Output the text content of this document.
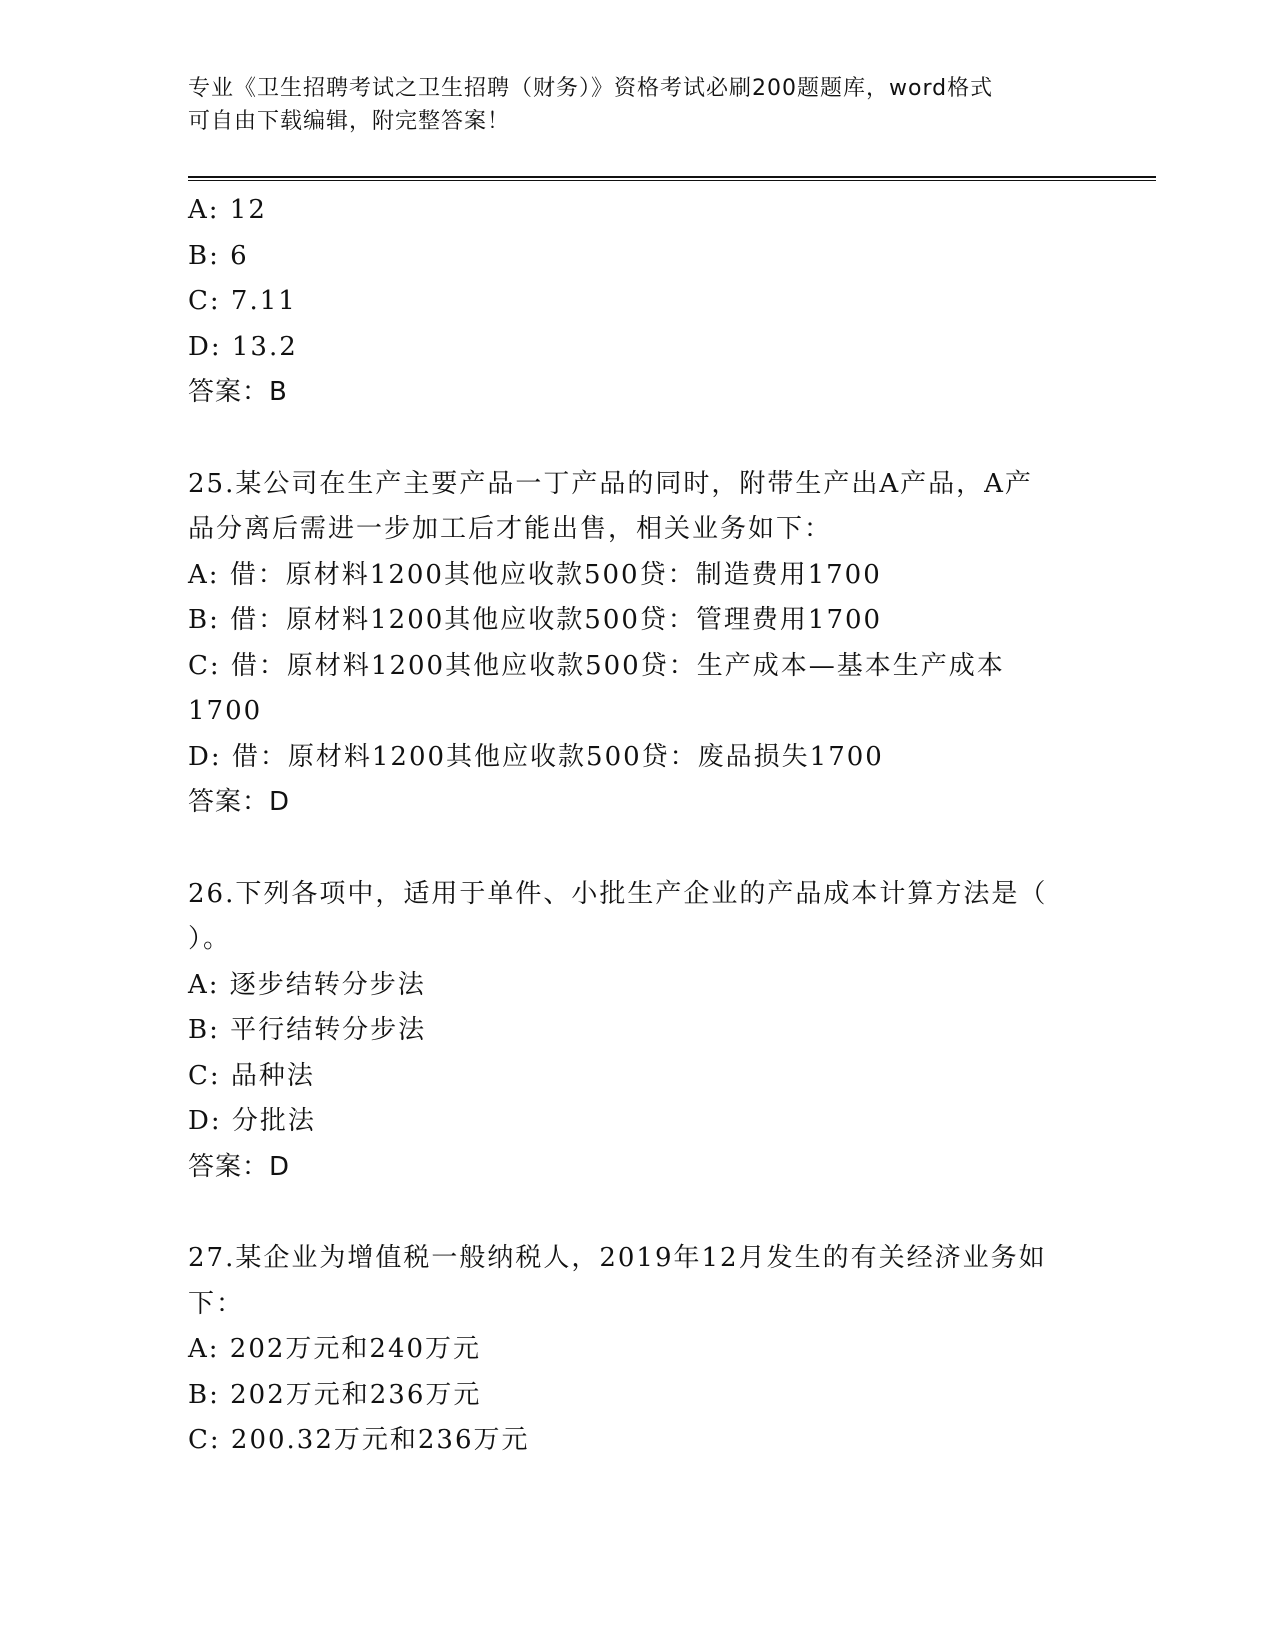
专业《卫生招聘考试之卫生招聘（财务）》资格考试必刷200题题库，word格式
可自由下载编辑，附完整答案！
A: 12
B: 6
C: 7.11
D: 13.2
答案：B
25.某公司在生产主要产品一丁产品的同时，附带生产出A产品，A产
品分离后需进一步加工后才能出售，相关业务如下：
A: 借：原材料1200其他应收款500贷：制造费用1700
B: 借：原材料1200其他应收款500贷：管理费用1700
C: 借：原材料1200其他应收款500贷：生产成本—基本生产成本
1700
D: 借：原材料1200其他应收款500贷：废品损失1700
答案：D
26.下列各项中，适用于单件、小批生产企业的产品成本计算方法是（
）。
A: 逐步结转分步法
B: 平行结转分步法
C: 品种法
D: 分批法
答案：D
27.某企业为增值税一般纳税人，2019年12月发生的有关经济业务如
下：
A: 202万元和240万元
B: 202万元和236万元
C: 200.32万元和236万元
